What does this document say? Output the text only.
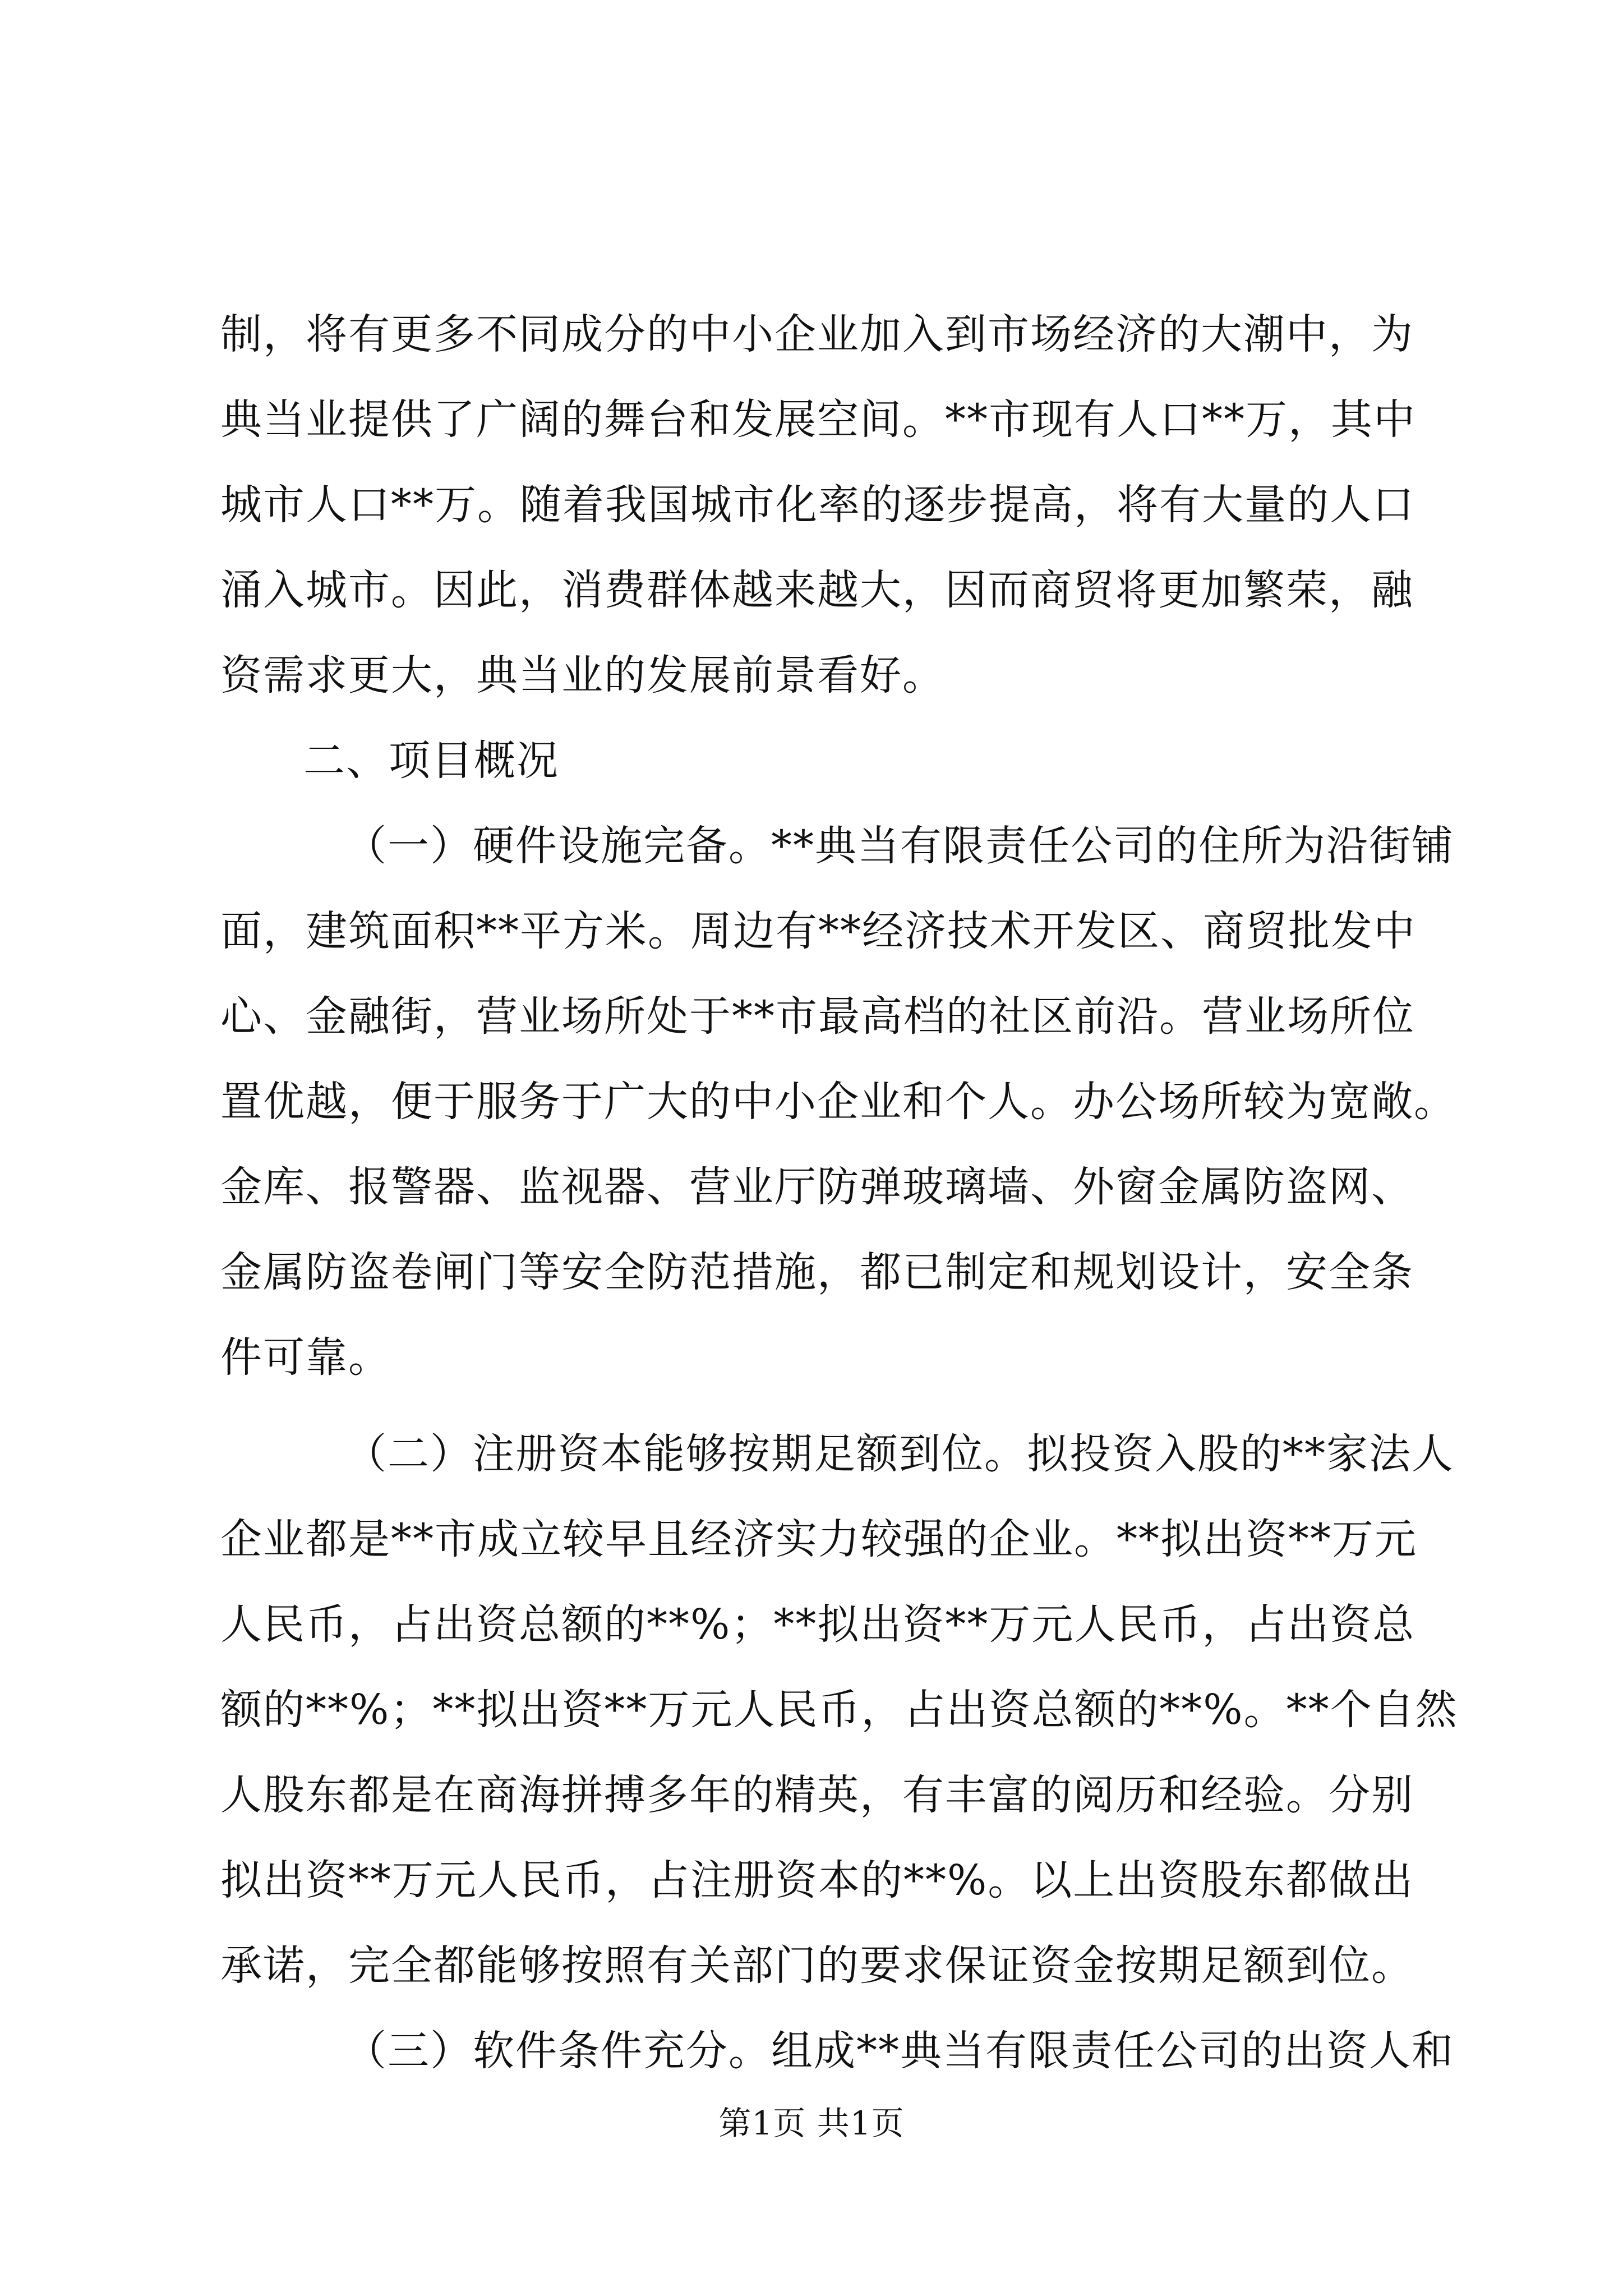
制，将有更多不同成分的中小企业加入到市场经济的大潮中，为
典当业提供了广阔的舞台和发展空间。**市现有人口**万，其中
城市人口**万。随着我国城市化率的逐步提高，将有大量的人口
涌入城市。因此，消费群体越来越大，因而商贸将更加繁荣，融
资需求更大，典当业的发展前景看好。
二、项目概况
（一）硬件设施完备。**典当有限责任公司的住所为沿街铺
面，建筑面积**平方米。周边有**经济技术开发区、商贸批发中
心、金融街，营业场所处于**市最高档的社区前沿。营业场所位
置优越，便于服务于广大的中小企业和个人。办公场所较为宽敞。
金库、报警器、监视器、营业厅防弹玻璃墙、外窗金属防盗网、
金属防盗卷闸门等安全防范措施，都已制定和规划设计，安全条
件可靠。
（二）注册资本能够按期足额到位。拟投资入股的**家法人
企业都是**市成立较早且经济实力较强的企业。**拟出资**万元
人民币，占出资总额的**%；**拟出资**万元人民币，占出资总
额的**%；**拟出资**万元人民币，占出资总额的**%。**个自然
人股东都是在商海拼搏多年的精英，有丰富的阅历和经验。分别
拟出资**万元人民币，占注册资本的**%。以上出资股东都做出
承诺，完全都能够按照有关部门的要求保证资金按期足额到位。
（三）软件条件充分。组成**典当有限责任公司的出资人和
第1页 共1页
